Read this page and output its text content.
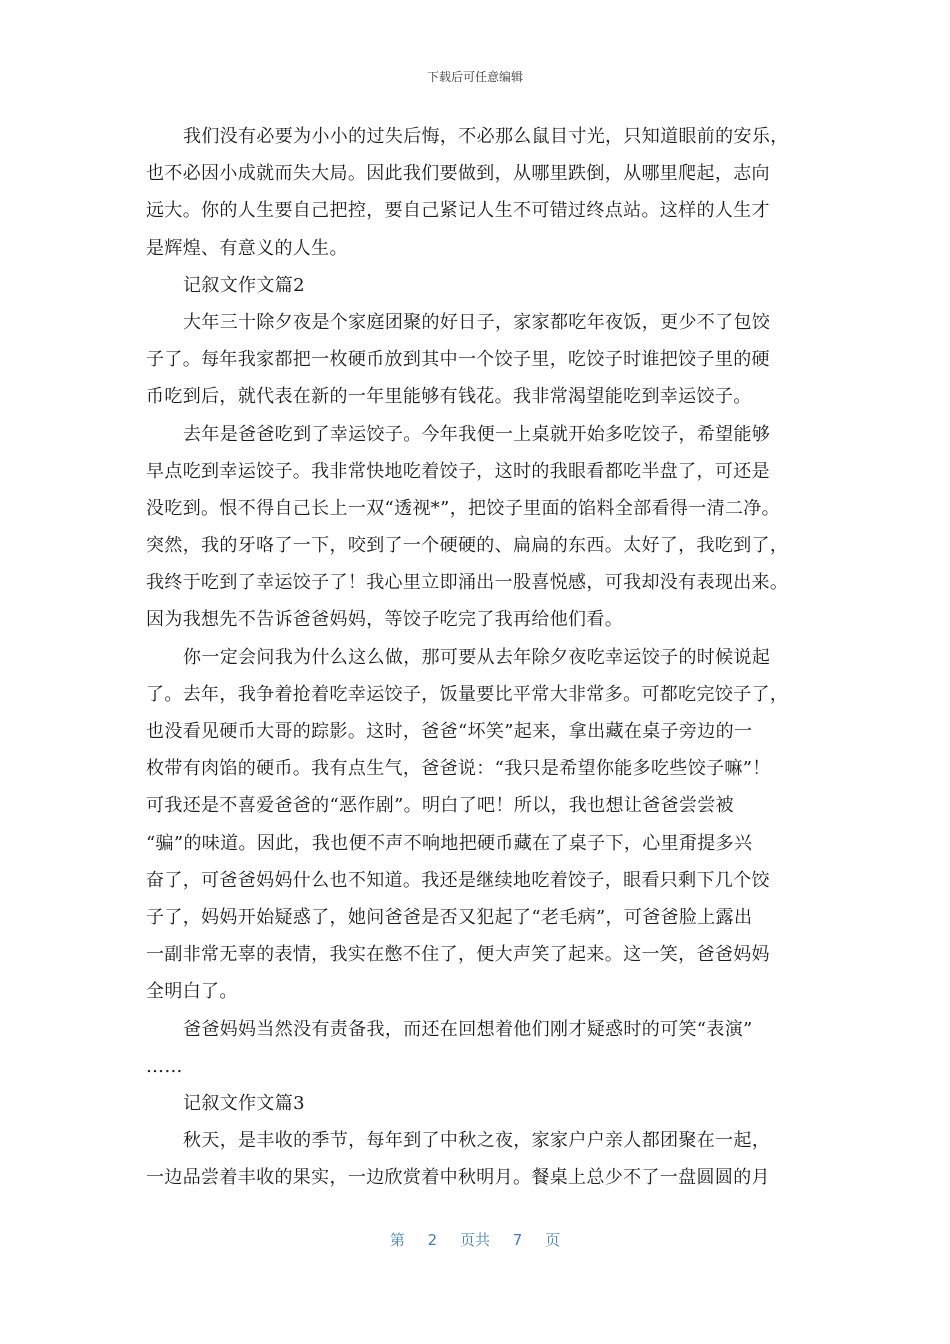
下载后可任意编辑
我们没有必要为小小的过失后悔，不必那么鼠目寸光，只知道眼前的安乐，
也不必因小成就而失大局。因此我们要做到，从哪里跌倒，从哪里爬起，志向
远大。你的人生要自己把控，要自己紧记人生不可错过终点站。这样的人生才
是辉煌、有意义的人生。
记叙文作文篇2
大年三十除夕夜是个家庭团聚的好日子，家家都吃年夜饭，更少不了包饺
子了。每年我家都把一枚硬币放到其中一个饺子里，吃饺子时谁把饺子里的硬
币吃到后，就代表在新的一年里能够有钱花。我非常渴望能吃到幸运饺子。
去年是爸爸吃到了幸运饺子。今年我便一上桌就开始多吃饺子，希望能够
早点吃到幸运饺子。我非常快地吃着饺子，这时的我眼看都吃半盘了，可还是
没吃到。恨不得自己长上一双“透视*”，把饺子里面的馅料全部看得一清二净。
突然，我的牙咯了一下，咬到了一个硬硬的、扁扁的东西。太好了，我吃到了，
我终于吃到了幸运饺子了！我心里立即涌出一股喜悦感，可我却没有表现出来。
因为我想先不告诉爸爸妈妈，等饺子吃完了我再给他们看。
你一定会问我为什么这么做，那可要从去年除夕夜吃幸运饺子的时候说起
了。去年，我争着抢着吃幸运饺子，饭量要比平常大非常多。可都吃完饺子了，
也没看见硬币大哥的踪影。这时，爸爸“坏笑”起来，拿出藏在桌子旁边的一
枚带有肉馅的硬币。我有点生气，爸爸说：“我只是希望你能多吃些饺子嘛”！
可我还是不喜爱爸爸的“恶作剧”。明白了吧！所以，我也想让爸爸尝尝被
“骗”的味道。因此，我也便不声不响地把硬币藏在了桌子下，心里甭提多兴
奋了，可爸爸妈妈什么也不知道。我还是继续地吃着饺子，眼看只剩下几个饺
子了，妈妈开始疑惑了，她问爸爸是否又犯起了“老毛病”，可爸爸脸上露出
一副非常无辜的表情，我实在憋不住了，便大声笑了起来。这一笑，爸爸妈妈
全明白了。
爸爸妈妈当然没有责备我，而还在回想着他们刚才疑惑时的可笑“表演”
……
记叙文作文篇3
秋天，是丰收的季节，每年到了中秋之夜，家家户户亲人都团聚在一起，
一边品尝着丰收的果实，一边欣赏着中秋明月。餐桌上总少不了一盘圆圆的月
第 2 页共 7 页
